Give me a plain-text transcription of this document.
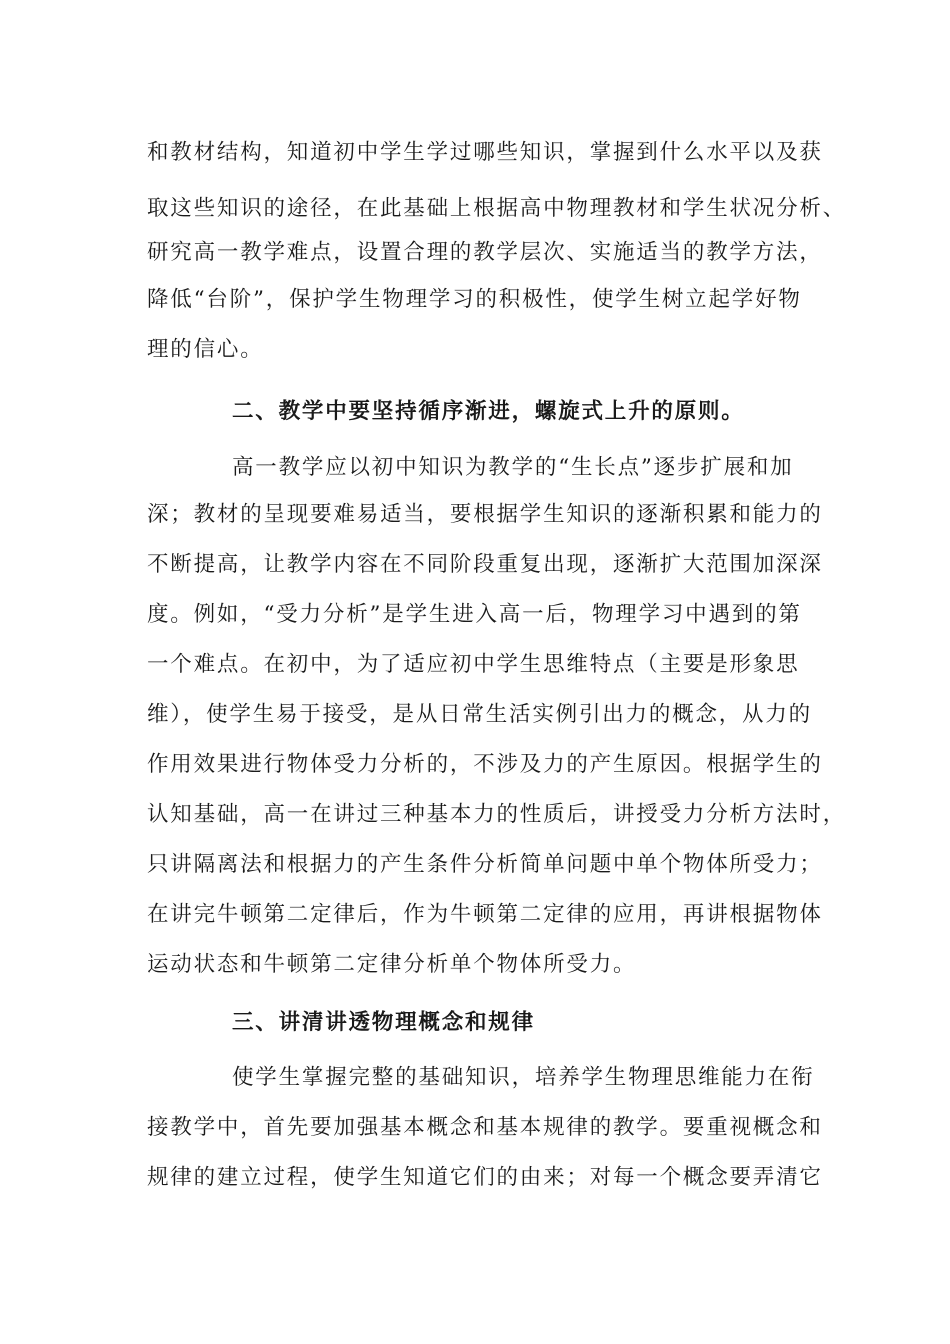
和教材结构，知道初中学生学过哪些知识，掌握到什么水平以及获
取这些知识的途径，在此基础上根据高中物理教材和学生状况分析、
研究高一教学难点，设置合理的教学层次、实施适当的教学方法，
降低“台阶”，保护学生物理学习的积极性，使学生树立起学好物
理的信心。
二、教学中要坚持循序渐进，螺旋式上升的原则。
高一教学应以初中知识为教学的“生长点”逐步扩展和加
深；教材的呈现要难易适当，要根据学生知识的逐渐积累和能力的
不断提高，让教学内容在不同阶段重复出现，逐渐扩大范围加深深
度。例如，“受力分析”是学生进入高一后，物理学习中遇到的第
一个难点。在初中，为了适应初中学生思维特点（主要是形象思
维），使学生易于接受，是从日常生活实例引出力的概念，从力的
作用效果进行物体受力分析的，不涉及力的产生原因。根据学生的
认知基础，高一在讲过三种基本力的性质后，讲授受力分析方法时，
只讲隔离法和根据力的产生条件分析简单问题中单个物体所受力；
在讲完牛顿第二定律后，作为牛顿第二定律的应用，再讲根据物体
运动状态和牛顿第二定律分析单个物体所受力。
三、讲清讲透物理概念和规律
使学生掌握完整的基础知识，培养学生物理思维能力在衔
接教学中，首先要加强基本概念和基本规律的教学。要重视概念和
规律的建立过程，使学生知道它们的由来；对每一个概念要弄清它
